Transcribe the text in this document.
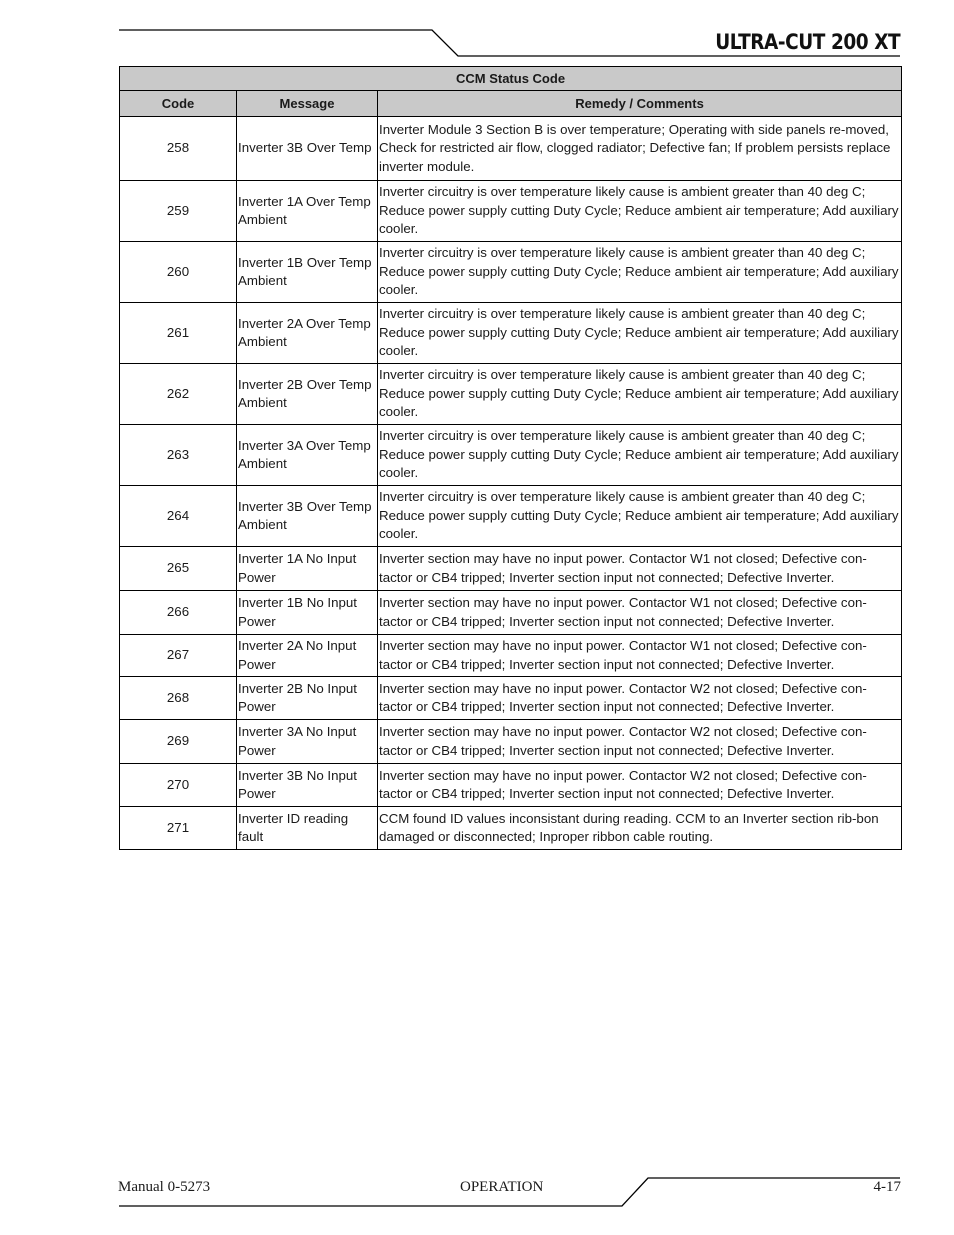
ULTRA-CUT 200 XT
CCM Status Code		
Code	Message	Remedy / Comments
258	Inverter 3B Over Temp	Inverter Module 3 Section B is over temperature; Operating with side panels re-moved, Check for restricted air flow, clogged radiator; Defective fan; If problem persists replace inverter module.
259	Inverter 1A Over Temp Ambient	Inverter circuitry is over temperature likely cause is ambient greater than 40 deg C; Reduce power supply cutting Duty Cycle; Reduce ambient air temperature; Add auxiliary cooler.
260	Inverter 1B Over Temp Ambient	Inverter circuitry is over temperature likely cause is ambient greater than 40 deg C; Reduce power supply cutting Duty Cycle; Reduce ambient air temperature; Add auxiliary cooler.
261	Inverter 2A Over Temp Ambient	Inverter circuitry is over temperature likely cause is ambient greater than 40 deg C; Reduce power supply cutting Duty Cycle; Reduce ambient air temperature; Add auxiliary cooler.
262	Inverter 2B Over Temp Ambient	Inverter circuitry is over temperature likely cause is ambient greater than 40 deg C; Reduce power supply cutting Duty Cycle; Reduce ambient air temperature; Add auxiliary cooler.
263	Inverter 3A Over Temp Ambient	Inverter circuitry is over temperature likely cause is ambient greater than 40 deg C; Reduce power supply cutting Duty Cycle; Reduce ambient air temperature; Add auxiliary cooler.
264	Inverter 3B Over Temp Ambient	Inverter circuitry is over temperature likely cause is ambient greater than 40 deg C; Reduce power supply cutting Duty Cycle; Reduce ambient air temperature; Add auxiliary cooler.
265	Inverter 1A No Input Power	Inverter section may have no input power. Contactor W1 not closed; Defective con-tactor or CB4 tripped; Inverter section input not connected; Defective Inverter.
266	Inverter 1B No Input Power	Inverter section may have no input power. Contactor W1 not closed; Defective con-tactor or CB4 tripped; Inverter section input not connected; Defective Inverter.
267	Inverter 2A No Input Power	Inverter section may have no input power. Contactor W1 not closed; Defective con-tactor or CB4 tripped; Inverter section input not connected; Defective Inverter.
268	Inverter 2B No Input Power	Inverter section may have no input power. Contactor W2 not closed; Defective con-tactor or CB4 tripped; Inverter section input not connected; Defective Inverter.
269	Inverter 3A No Input Power	Inverter section may have no input power. Contactor W2 not closed; Defective con-tactor or CB4 tripped; Inverter section input not connected; Defective Inverter.
270	Inverter 3B No Input Power	Inverter section may have no input power. Contactor W2 not closed; Defective con-tactor or CB4 tripped; Inverter section input not connected; Defective Inverter.
271	Inverter ID reading fault	CCM found ID values inconsistant during reading. CCM to an Inverter section rib-bon damaged or disconnected; Inproper ribbon cable routing.
Manual 0-5273	OPERATION	4-17
